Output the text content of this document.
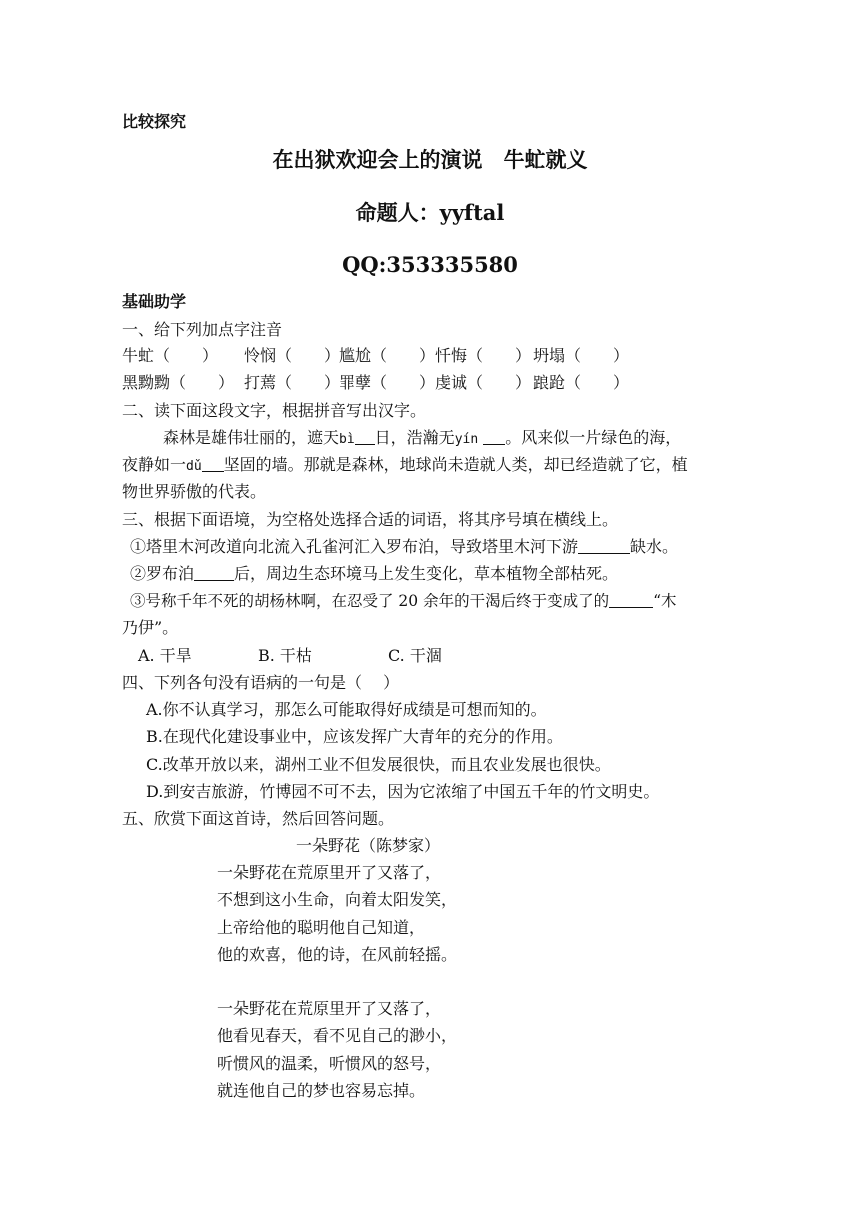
比较探究
在出狱欢迎会上的演说　牛虻就义
命题人：yyftal
QQ:353335580
基础助学
一、给下列加点字注音
牛虻（　　） 怜悯（　　）尴尬（　　）忏悔（　　） 坍塌（　　）
黑黝黝（　　） 打蔫（　　）罪孽（　　）虔诚（　　） 踉跄（　　）
二、读下面这段文字，根据拼音写出汉字。
森林是雄伟壮丽的，遮天bì 日，浩瀚无yín 。风来似一片绿色的海，
夜静如一dǔ 坚固的墙。那就是森林，地球尚未造就人类，却已经造就了它，植
物世界骄傲的代表。
三、根据下面语境，为空格处选择合适的词语，将其序号填在横线上。
①塔里木河改道向北流入孔雀河汇入罗布泊，导致塔里木河下游	缺水。
②罗布泊	后，周边生态环境马上发生变化，草本植物全部枯死。
③号称千年不死的胡杨林啊，在忍受了 20 余年的干渴后终于变成了的	“木
乃伊”。
A. 干旱	B. 干枯	C. 干涸
四、下列各句没有语病的一句是（　 ）
A.你不认真学习，那怎么可能取得好成绩是可想而知的。
B.在现代化建设事业中，应该发挥广大青年的充分的作用。
C.改革开放以来，湖州工业不但发展很快，而且农业发展也很快。
D.到安吉旅游，竹博园不可不去，因为它浓缩了中国五千年的竹文明史。
五、欣赏下面这首诗，然后回答问题。
一朵野花（陈梦家）
一朵野花在荒原里开了又落了，
不想到这小生命，向着太阳发笑，
上帝给他的聪明他自己知道，
他的欢喜，他的诗，在风前轻摇。
一朵野花在荒原里开了又落了，
他看见春天，看不见自己的渺小，
听惯风的温柔，听惯风的怒号，
就连他自己的梦也容易忘掉。
